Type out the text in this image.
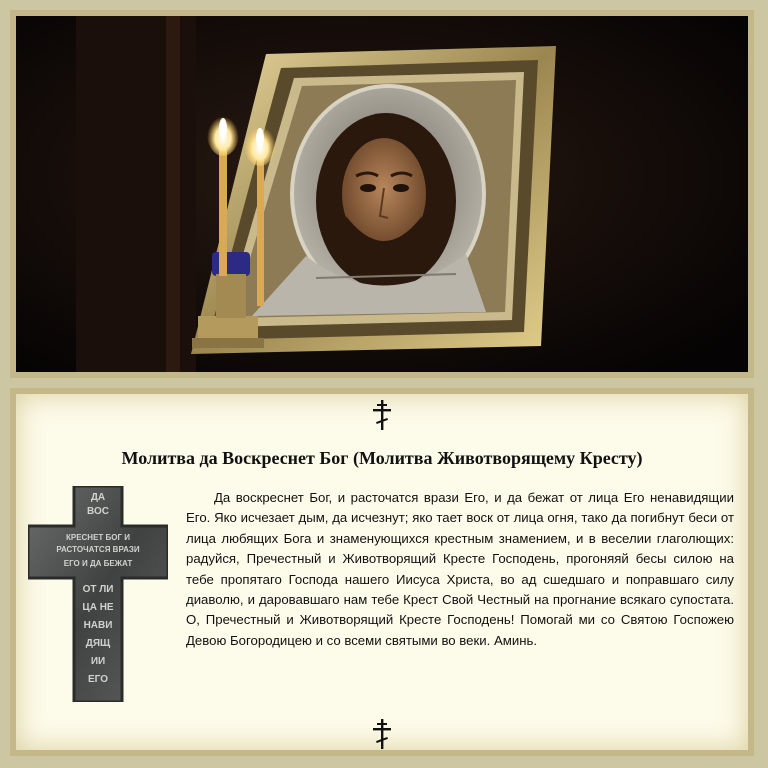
Молитва да Воскреснет Бог (Молитва Животворящему Кресту)
ДА
ВОС
КРЕСНЕТ БОГ И
РАСТОЧАТСЯ ВРАЗИ
ЕГО И ДА БЕЖАТ
ОТ ЛИ
ЦА НЕ
НАВИ
ДЯЩ
ИИ
ЕГО

Да воскреснет Бог, и расточатся врази Его, и да бежат от лица Его ненавидящии Его. Яко исчезает дым, да исчезнут; яко тает воск от лица огня, тако да погибнут беси от лица любящих Бога и знаменующихся крестным знамением, и в веселии глаголющих: радуйся, Пречестный и Животворящий Кресте Господень, прогоняяй бесы силою на тебе пропятаго Господа нашего Иисуса Христа, во ад сшедшаго и поправшаго силу диаволю, и даровавшаго нам тебе Крест Свой Честный на прогнание всякаго супостата. О, Пречестный и Животворящий Кресте Господень! Помогай ми со Святою Госпожею Девою Богородицею и со всеми святыми во веки. Аминь.
